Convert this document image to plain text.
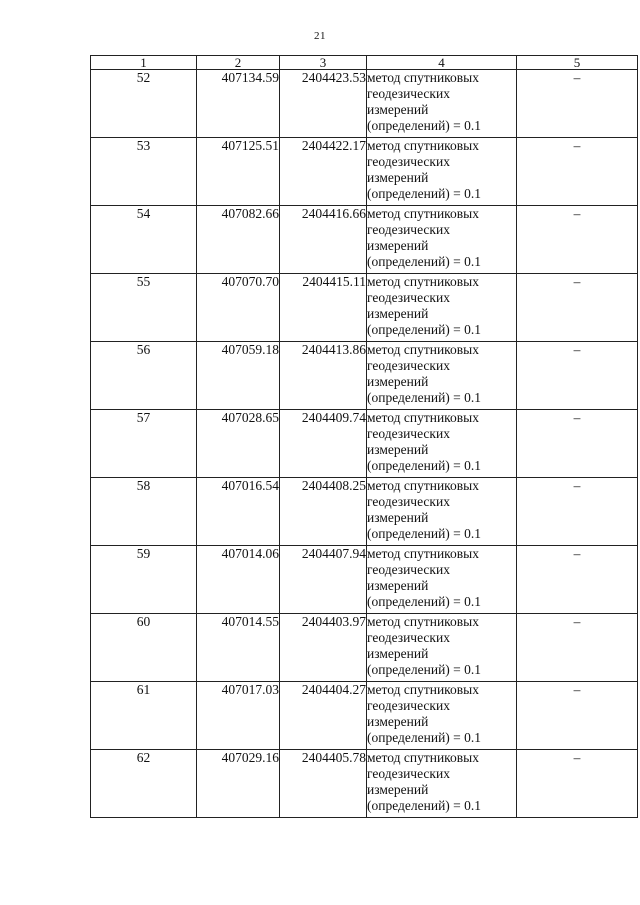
21
1	2	3	4	5
52	407134.59	2404423.53	метод спутниковых
геодезических
измерений
(определений) = 0.1	–
53	407125.51	2404422.17	метод спутниковых
геодезических
измерений
(определений) = 0.1	–
54	407082.66	2404416.66	метод спутниковых
геодезических
измерений
(определений) = 0.1	–
55	407070.70	2404415.11	метод спутниковых
геодезических
измерений
(определений) = 0.1	–
56	407059.18	2404413.86	метод спутниковых
геодезических
измерений
(определений) = 0.1	–
57	407028.65	2404409.74	метод спутниковых
геодезических
измерений
(определений) = 0.1	–
58	407016.54	2404408.25	метод спутниковых
геодезических
измерений
(определений) = 0.1	–
59	407014.06	2404407.94	метод спутниковых
геодезических
измерений
(определений) = 0.1	–
60	407014.55	2404403.97	метод спутниковых
геодезических
измерений
(определений) = 0.1	–
61	407017.03	2404404.27	метод спутниковых
геодезических
измерений
(определений) = 0.1	–
62	407029.16	2404405.78	метод спутниковых
геодезических
измерений
(определений) = 0.1	–
